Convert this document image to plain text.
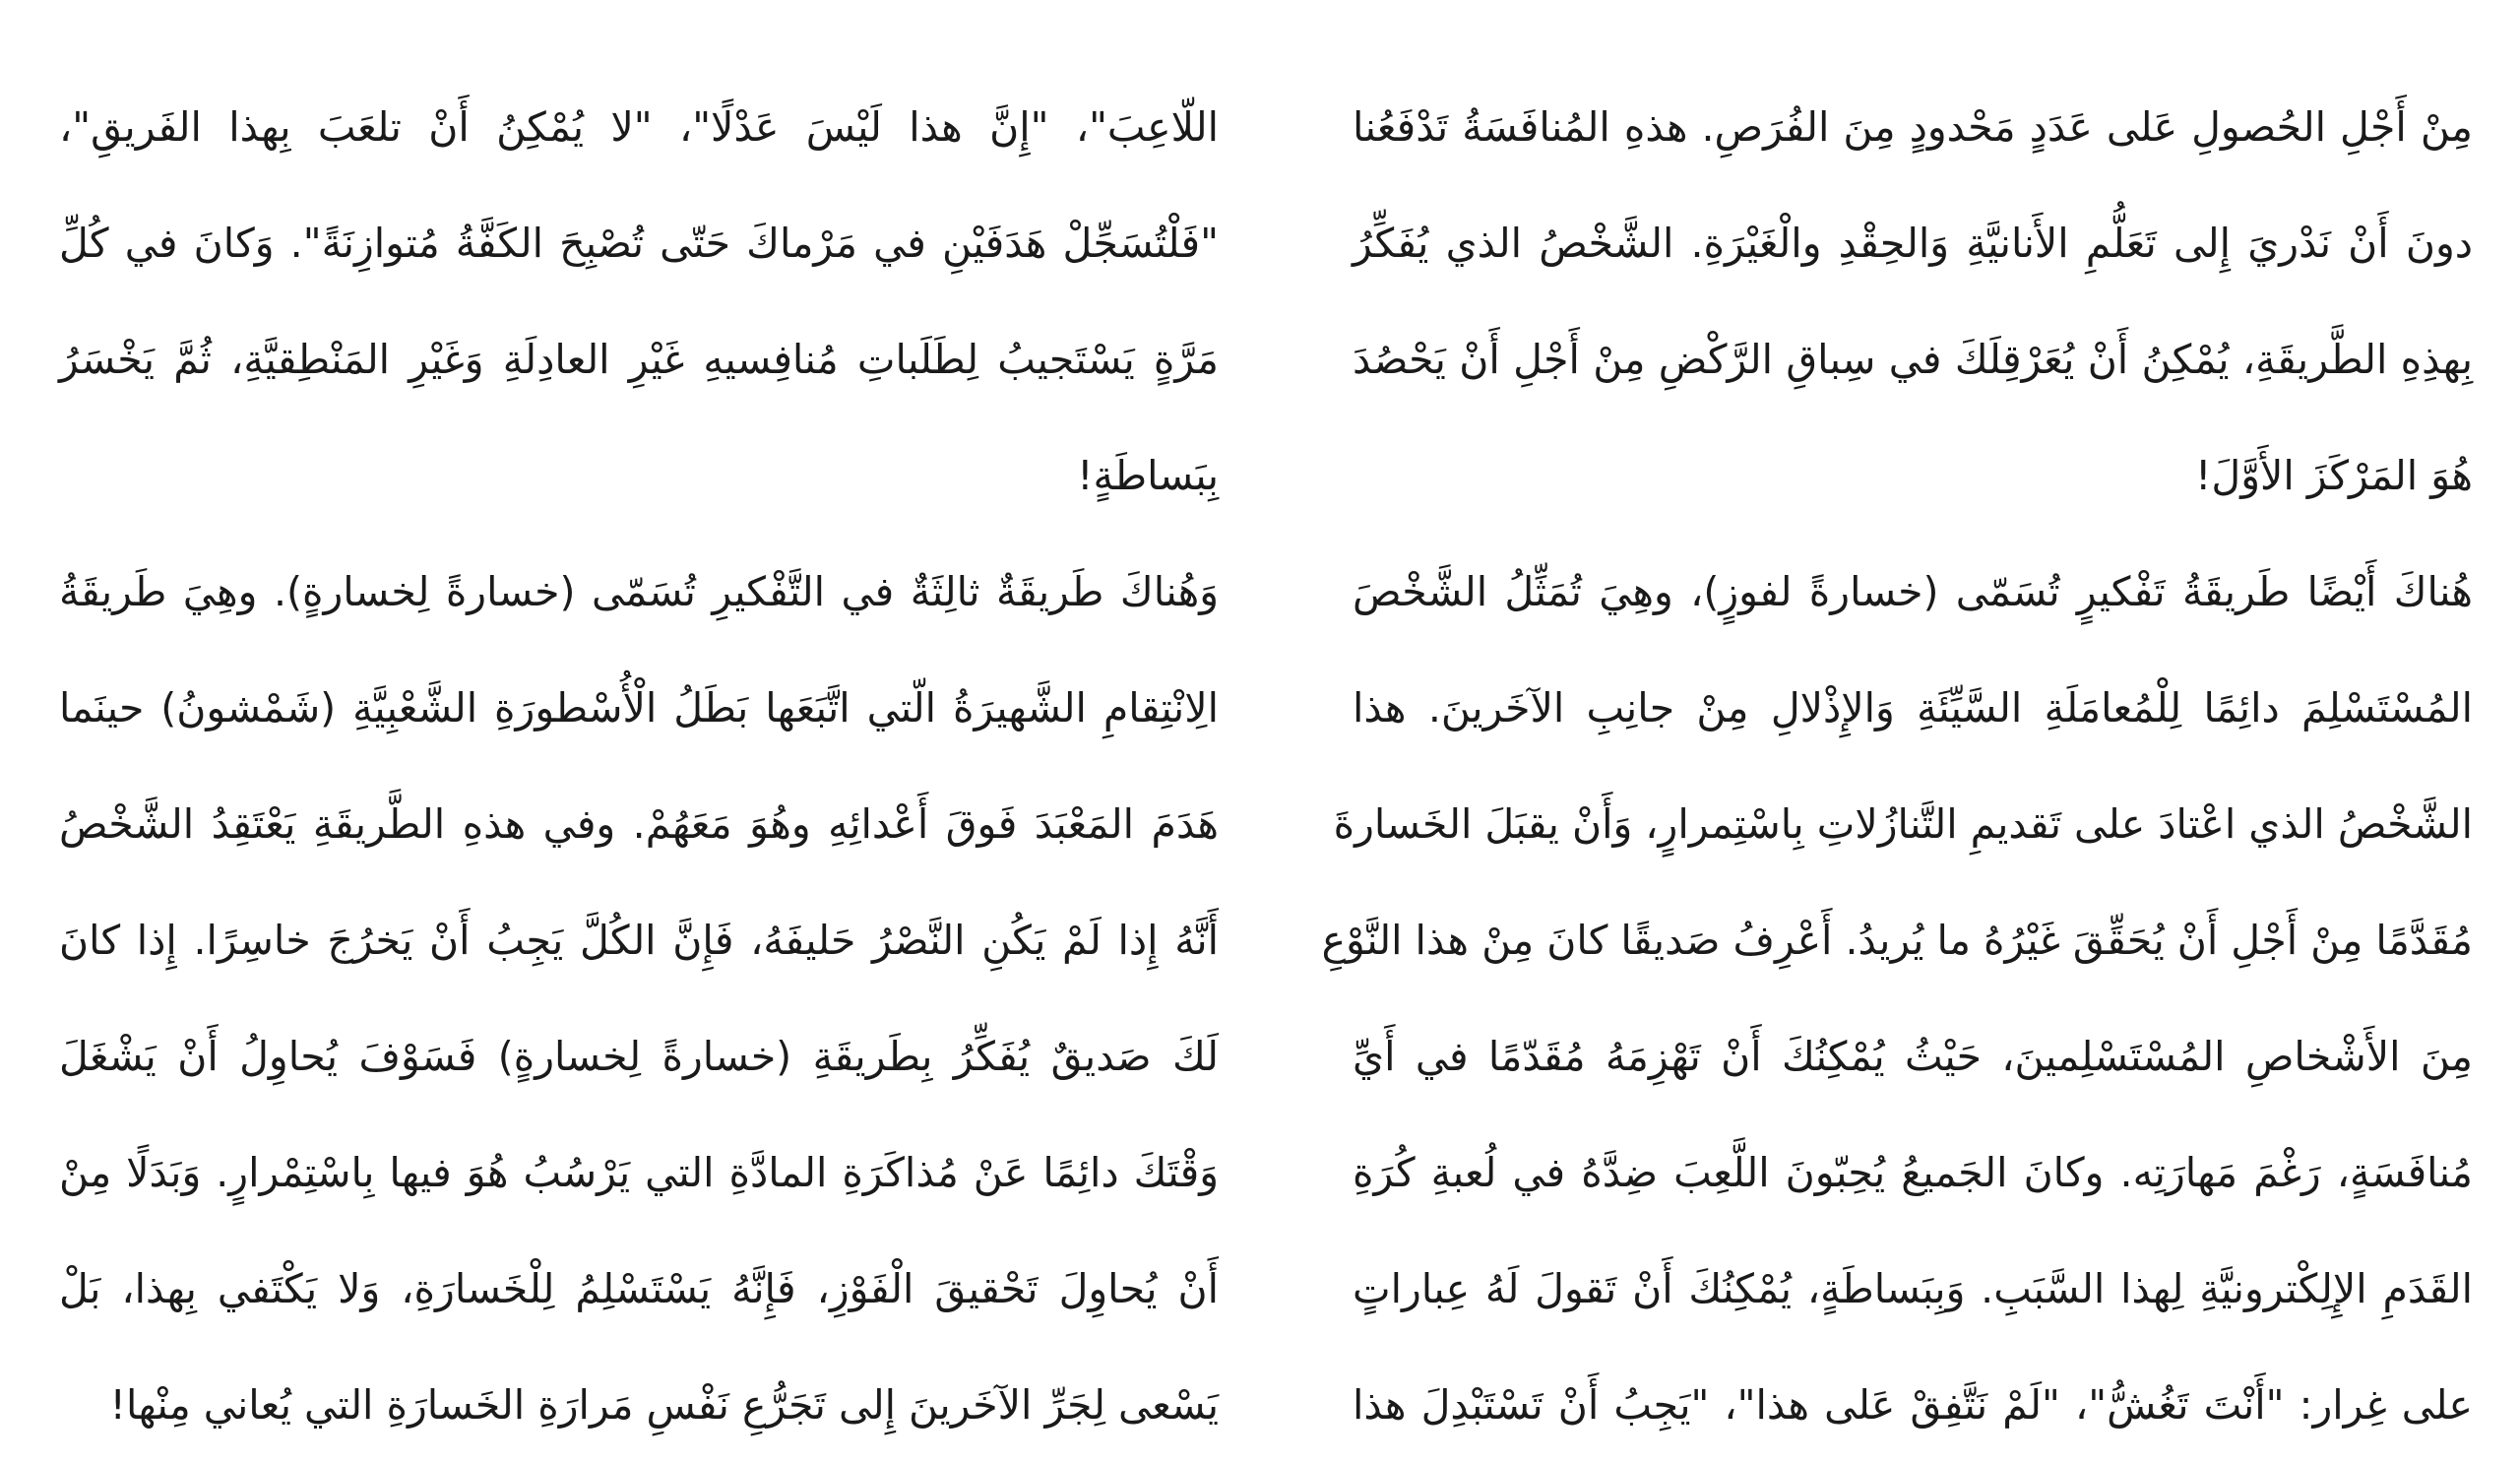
مِنْ أَجْلِ الحُصولِ عَلى عَدَدٍ مَحْدودٍ مِنَ الفُرَصِ. هذهِ المُنافَسَةُ تَدْفَعُنا
دونَ أَنْ نَدْريَ إِلى تَعَلُّمِ الأَنانيَّةِ وَالحِقْدِ والْغَيْرَةِ. الشَّخْصُ الذي يُفَكِّرُ
بِهذِهِ الطَّريقَةِ، يُمْكِنُ أَنْ يُعَرْقِلَكَ في سِباقِ الرَّكْضِ مِنْ أَجْلِ أَنْ يَحْصُدَ
هُوَ المَرْكَزَ الأَوَّلَ!
هُناكَ أَيْضًا طَريقَةُ تَفْكيرٍ تُسَمّى (خسارةً لفوزٍ)، وهِيَ تُمَثِّلُ الشَّخْصَ
المُسْتَسْلِمَ دائِمًا لِلْمُعامَلَةِ السَّيِّئَةِ وَالإِذْلالِ مِنْ جانِبِ الآخَرينَ. هذا
الشَّخْصُ الذي اعْتادَ على تَقديمِ التَّنازُلاتِ بِاسْتِمرارٍ، وَأَنْ يقبَلَ الخَسارةَ
مُقَدَّمًا مِنْ أَجْلِ أَنْ يُحَقِّقَ غَيْرُهُ ما يُريدُ. أَعْرِفُ صَديقًا كانَ مِنْ هذا النَّوْعِ
مِنَ الأَشْخاصِ المُسْتَسْلِمينَ، حَيْثُ يُمْكِنُكَ أَنْ تَهْزِمَهُ مُقَدّمًا في أَيِّ
مُنافَسَةٍ، رَغْمَ مَهارَتِه. وكانَ الجَميعُ يُحِبّونَ اللَّعِبَ ضِدَّهُ في لُعبةِ كُرَةِ
القَدَمِ الإِلِكْترونيَّةِ لِهذا السَّبَبِ. وَبِبَساطَةٍ، يُمْكِنُكَ أَنْ تَقولَ لَهُ عِباراتٍ
على غِرار: "أَنْتَ تَغُشُّ"، "لَمْ نَتَّفِقْ عَلى هذا"، "يَجِبُ أَنْ تَسْتَبْدِلَ هذا
اللّاعِبَ"، "إِنَّ هذا لَيْسَ عَدْلًا"، "لا يُمْكِنُ أَنْ تلعَبَ بِهذا الفَريقِ"،
"فَلْتُسَجِّلْ هَدَفَيْنِ في مَرْماكَ حَتّى تُصْبِحَ الكَفَّةُ مُتوازِنَةً". وَكانَ في كُلِّ
مَرَّةٍ يَسْتَجيبُ لِطَلَباتِ مُنافِسيهِ غَيْرِ العادِلَةِ وَغَيْرِ المَنْطِقيَّةِ، ثُمَّ يَخْسَرُ
بِبَساطَةٍ!
وَهُناكَ طَريقَةٌ ثالِثَةٌ في التَّفْكيرِ تُسَمّى (خسارةً لِخسارةٍ). وهِيَ طَريقَةُ
الِانْتِقامِ الشَّهيرَةُ الّتي اتَّبَعَها بَطَلُ الْأُسْطورَةِ الشَّعْبِيَّةِ (شَمْشونُ) حينَما
هَدَمَ المَعْبَدَ فَوقَ أَعْدائِهِ وهُوَ مَعَهُمْ. وفي هذهِ الطَّريقَةِ يَعْتَقِدُ الشَّخْصُ
أَنَّهُ إِذا لَمْ يَكُنِ النَّصْرُ حَليفَهُ، فَإِنَّ الكُلَّ يَجِبُ أَنْ يَخرُجَ خاسِرًا. إِذا كانَ
لَكَ صَديقٌ يُفَكِّرُ بِطَريقَةِ (خسارةً لِخسارةٍ) فَسَوْفَ يُحاوِلُ أَنْ يَشْغَلَ
وَقْتَكَ دائِمًا عَنْ مُذاكَرَةِ المادَّةِ التي يَرْسُبُ هُوَ فيها بِاسْتِمْرارٍ. وَبَدَلًا مِنْ
أَنْ يُحاوِلَ تَحْقيقَ الْفَوْزِ، فَإِنَّهُ يَسْتَسْلِمُ لِلْخَسارَةِ، وَلا يَكْتَفي بِهذا، بَلْ
يَسْعى لِجَرِّ الآخَرينَ إِلى تَجَرُّعِ نَفْسِ مَرارَةِ الخَسارَةِ التي يُعاني مِنْها!
